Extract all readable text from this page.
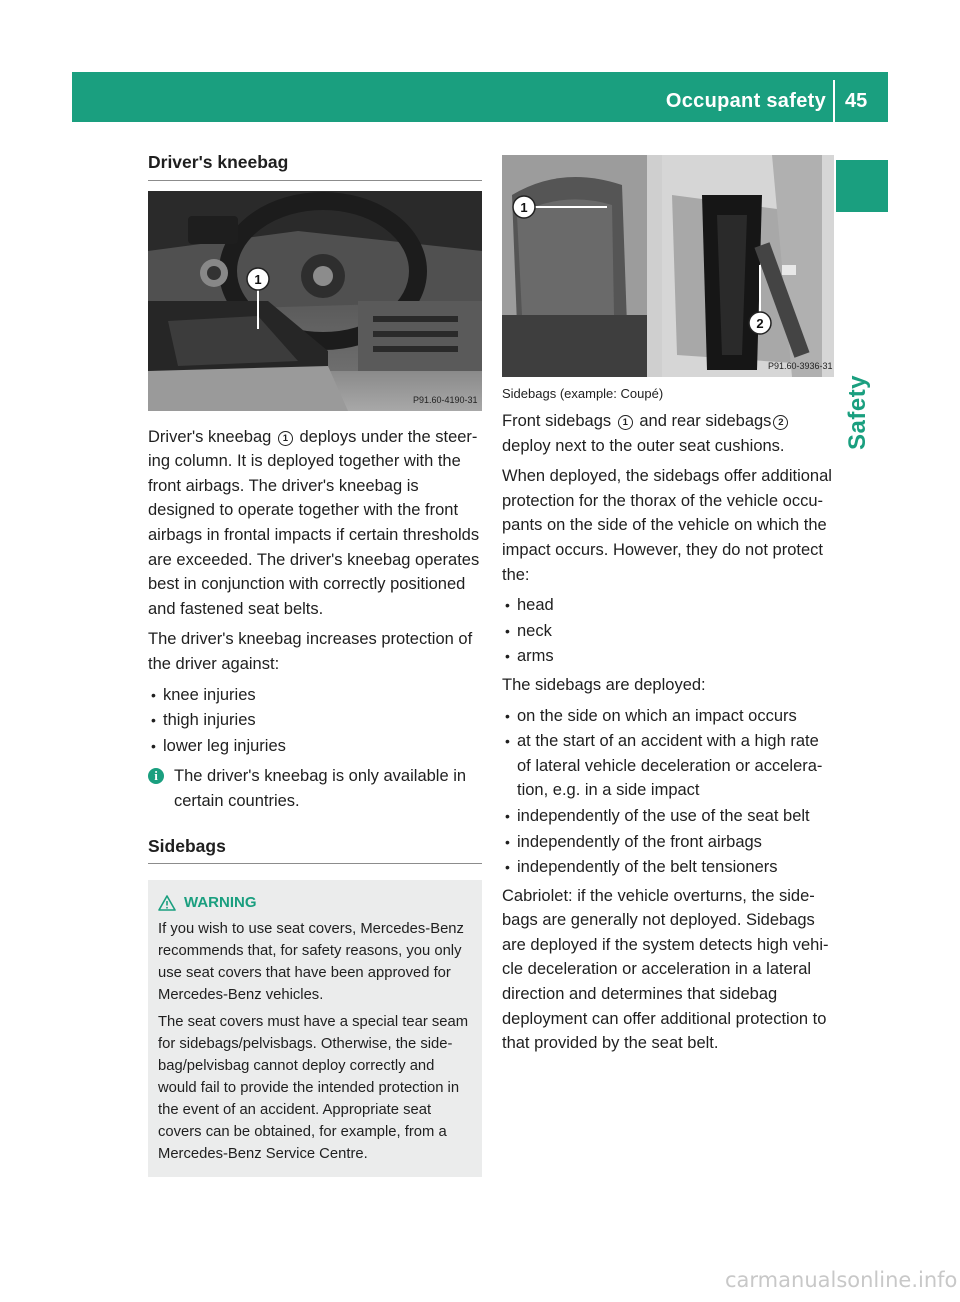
Occupant safety 45
Safety
Driver's kneebag
1
P91.60-4190-31

Driver's kneebag 1 deploys under the steer-ing column. It is deployed together with the front airbags. The driver's kneebag is designed to operate together with the front airbags in frontal impacts if certain thresholds are exceeded. The driver's kneebag operates best in conjunction with correctly positioned and fastened seat belts.

The driver's kneebag increases protection of the driver against:

• knee injuries
• thigh injuries
• lower leg injuries
i The driver's kneebag is only available in certain countries.
Sidebags
WARNING

If you wish to use seat covers, Mercedes-Benz recommends that, for safety reasons, you only use seat covers that have been approved for Mercedes-Benz vehicles.

The seat covers must have a special tear seam for sidebags/pelvisbags. Otherwise, the side-bag/pelvisbag cannot deploy correctly and would fail to provide the intended protection in the event of an accident. Appropriate seat covers can be obtained, for example, from a Mercedes-Benz Service Centre.

1
2
P91.60-3936-31
Sidebags (example: Coupé)

Front sidebags 1 and rear sidebags 2 deploy next to the outer seat cushions.

When deployed, the sidebags offer additional protection for the thorax of the vehicle occu-pants on the side of the vehicle on which the impact occurs. However, they do not protect the:

• head
• neck
• arms

The sidebags are deployed:

• on the side on which an impact occurs
• at the start of an accident with a high rate of lateral vehicle deceleration or accelera-tion, e.g. in a side impact
• independently of the use of the seat belt
• independently of the front airbags
• independently of the belt tensioners

Cabriolet: if the vehicle overturns, the side-bags are generally not deployed. Sidebags are deployed if the system detects high vehi-cle deceleration or acceleration in a lateral direction and determines that sidebag deployment can offer additional protection to that provided by the seat belt.

carmanualsonline.info
